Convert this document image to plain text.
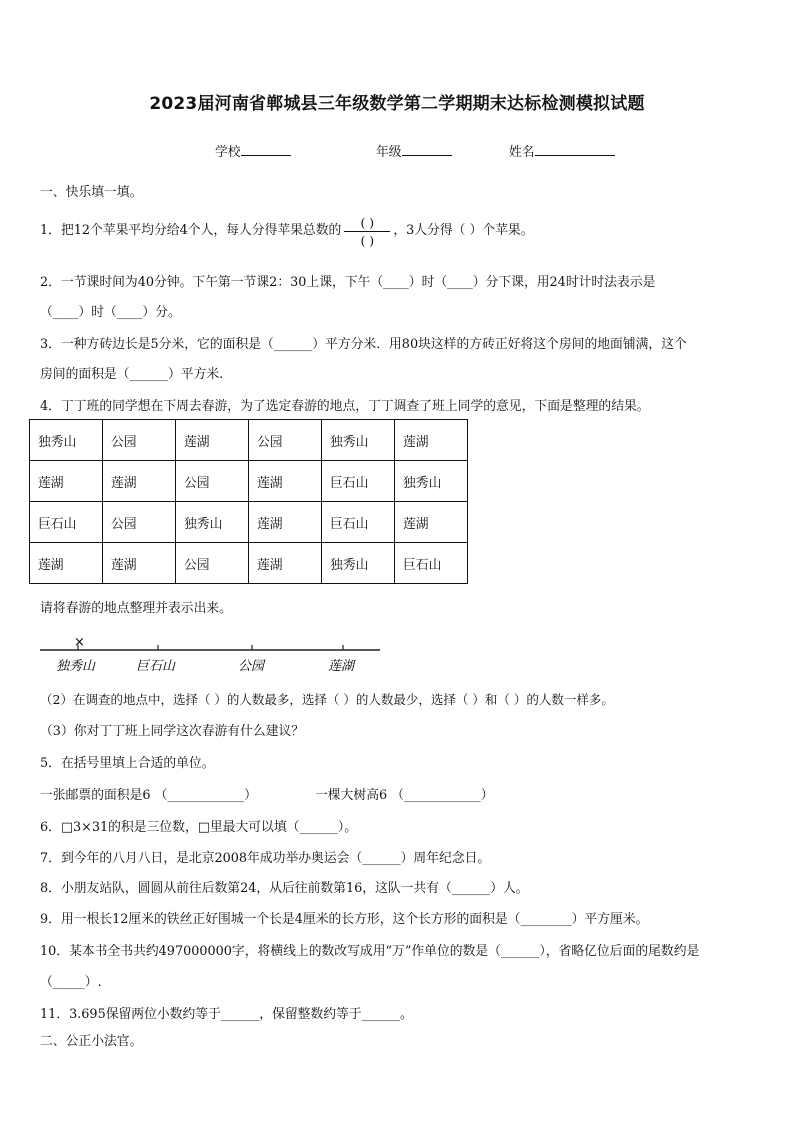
2023届河南省郸城县三年级数学第二学期期末达标检测模拟试题
学校	年级	姓名
一、快乐填一填。
1．把12个苹果平均分给4个人，每人分得苹果总数的 $\frac{( )}{( )}$ ，3人分得（ ）个苹果。
2．一节课时间为40分钟。下午第一节课2：30上课，下午（____）时（____）分下课，用24时计时法表示是
（____）时（____）分。
3．一种方砖边长是5分米，它的面积是（______）平方分米．用80块这样的方砖正好将这个房间的地面铺满，这个
房间的面积是（______）平方米.
4．丁丁班的同学想在下周去春游，为了选定春游的地点，丁丁调查了班上同学的意见，下面是整理的结果。
独秀山	公园	莲湖	公园	独秀山	莲湖
莲湖	莲湖	公园	莲湖	巨石山	独秀山
巨石山	公园	独秀山	莲湖	巨石山	莲湖
莲湖	莲湖	公园	莲湖	独秀山	巨石山
请将春游的地点整理并表示出来。
×
独秀山	巨石山	公园	莲湖
（2）在调查的地点中，选择（ ）的人数最多，选择（ ）的人数最少，选择（ ）和（ ）的人数一样多。
（3）你对丁丁班上同学这次春游有什么建议？
5．在括号里填上合适的单位。
一张邮票的面积是6 （____________）	一棵大树高6 （____________）
6．□3×31的积是三位数，□里最大可以填（______）。
7．到今年的八月八日，是北京2008年成功举办奥运会（______）周年纪念日。
8．小朋友站队，圆圆从前往后数第24，从后往前数第16，这队一共有（______）人。
9．用一根长12厘米的铁丝正好围城一个长是4厘米的长方形，这个长方形的面积是（________）平方厘米。
10．某本书全书共约497000000字，将横线上的数改写成用“万”作单位的数是（______），省略亿位后面的尾数约是
（_____）.
11．3.695保留两位小数约等于______，保留整数约等于______。
二、公正小法官。
